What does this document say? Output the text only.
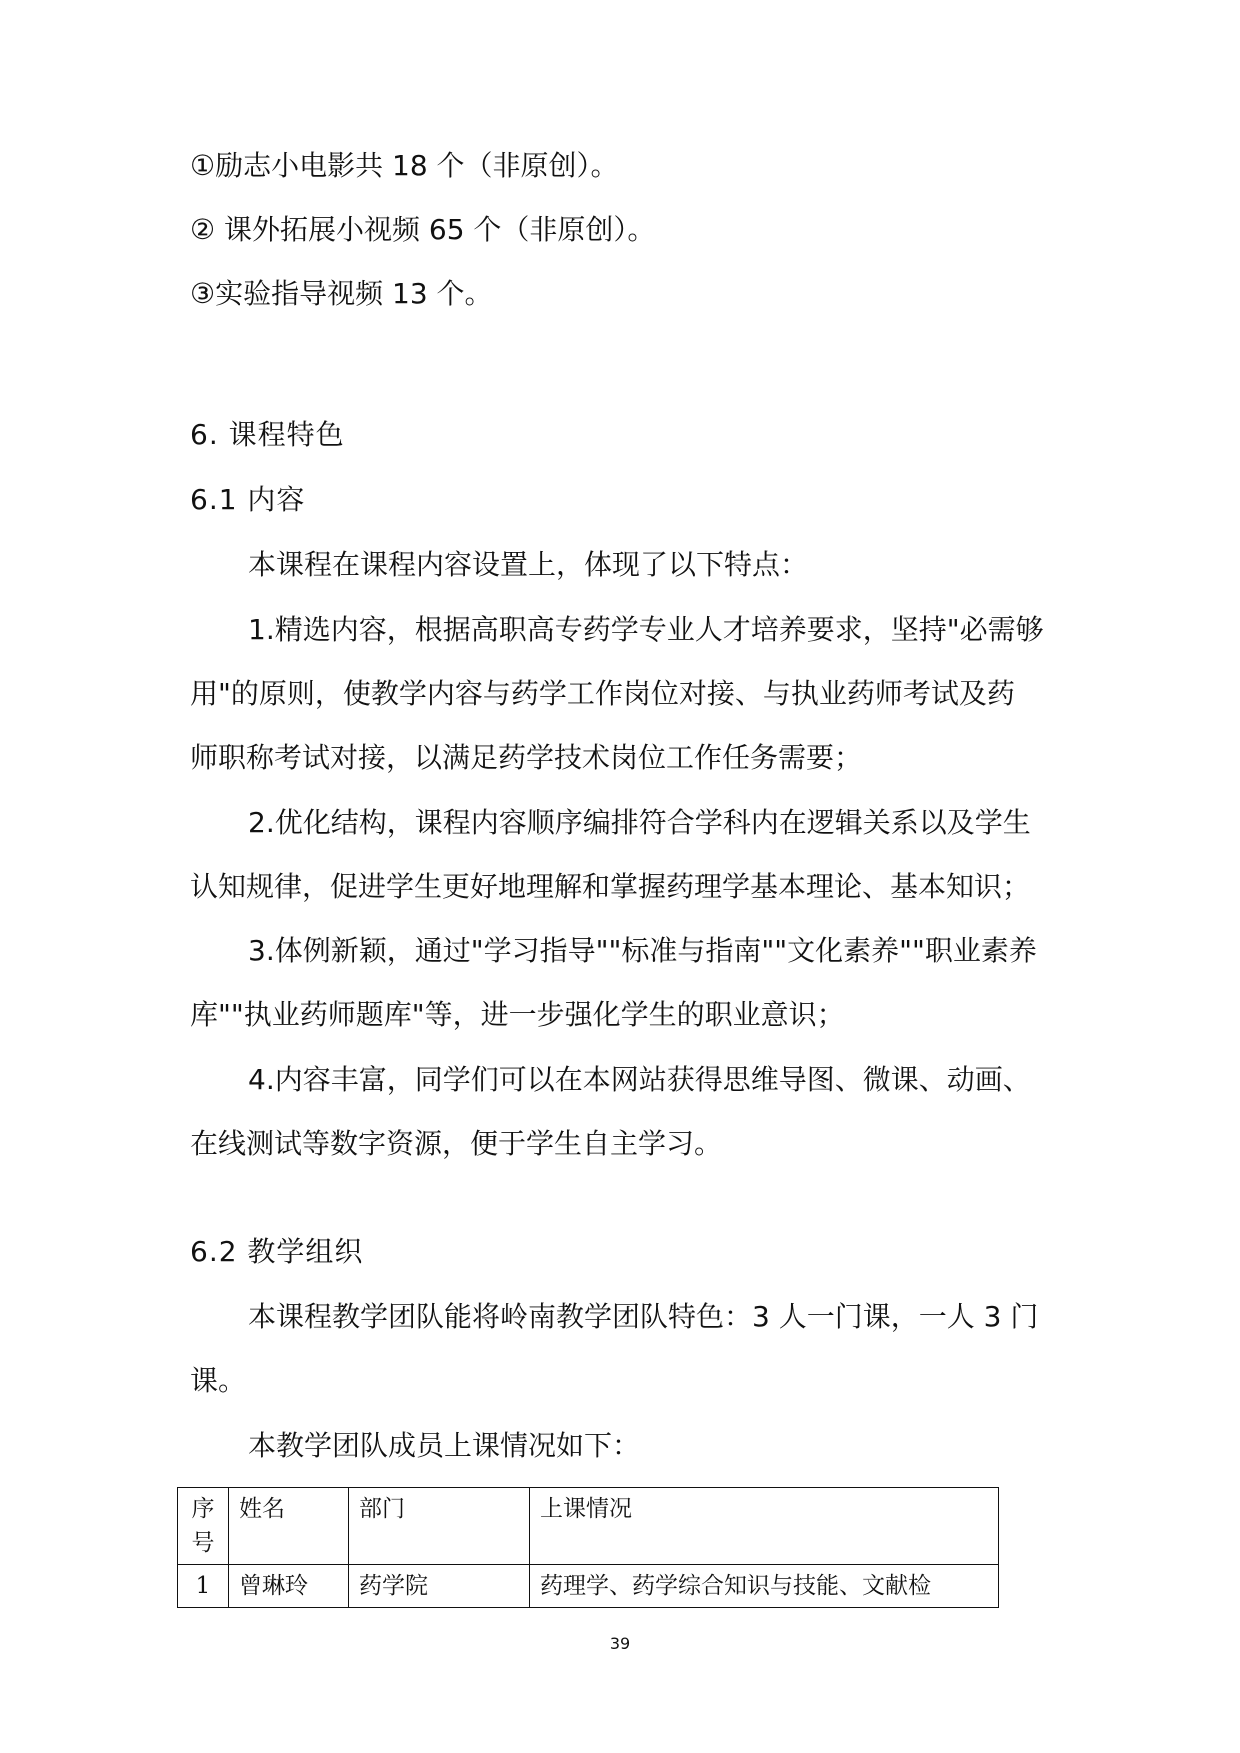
①励志小电影共 18 个（非原创）。
② 课外拓展小视频 65 个（非原创）。
③实验指导视频 13 个。
6. 课程特色
6.1 内容
本课程在课程内容设置上，体现了以下特点：
1.精选内容，根据高职高专药学专业人才培养要求，坚持"必需够
用"的原则，使教学内容与药学工作岗位对接、与执业药师考试及药
师职称考试对接，以满足药学技术岗位工作任务需要；
2.优化结构，课程内容顺序编排符合学科内在逻辑关系以及学生
认知规律，促进学生更好地理解和掌握药理学基本理论、基本知识；
3.体例新颖，通过"学习指导""标准与指南""文化素养""职业素养
库""执业药师题库"等，进一步强化学生的职业意识；
4.内容丰富，同学们可以在本网站获得思维导图、微课、动画、
在线测试等数字资源，便于学生自主学习。
6.2 教学组织
本课程教学团队能将岭南教学团队特色：3 人一门课，一人 3 门
课。
本教学团队成员上课情况如下：
序号	姓名	部门	上课情况
1	曾琳玲	药学院	药理学、药学综合知识与技能、文献检
39
